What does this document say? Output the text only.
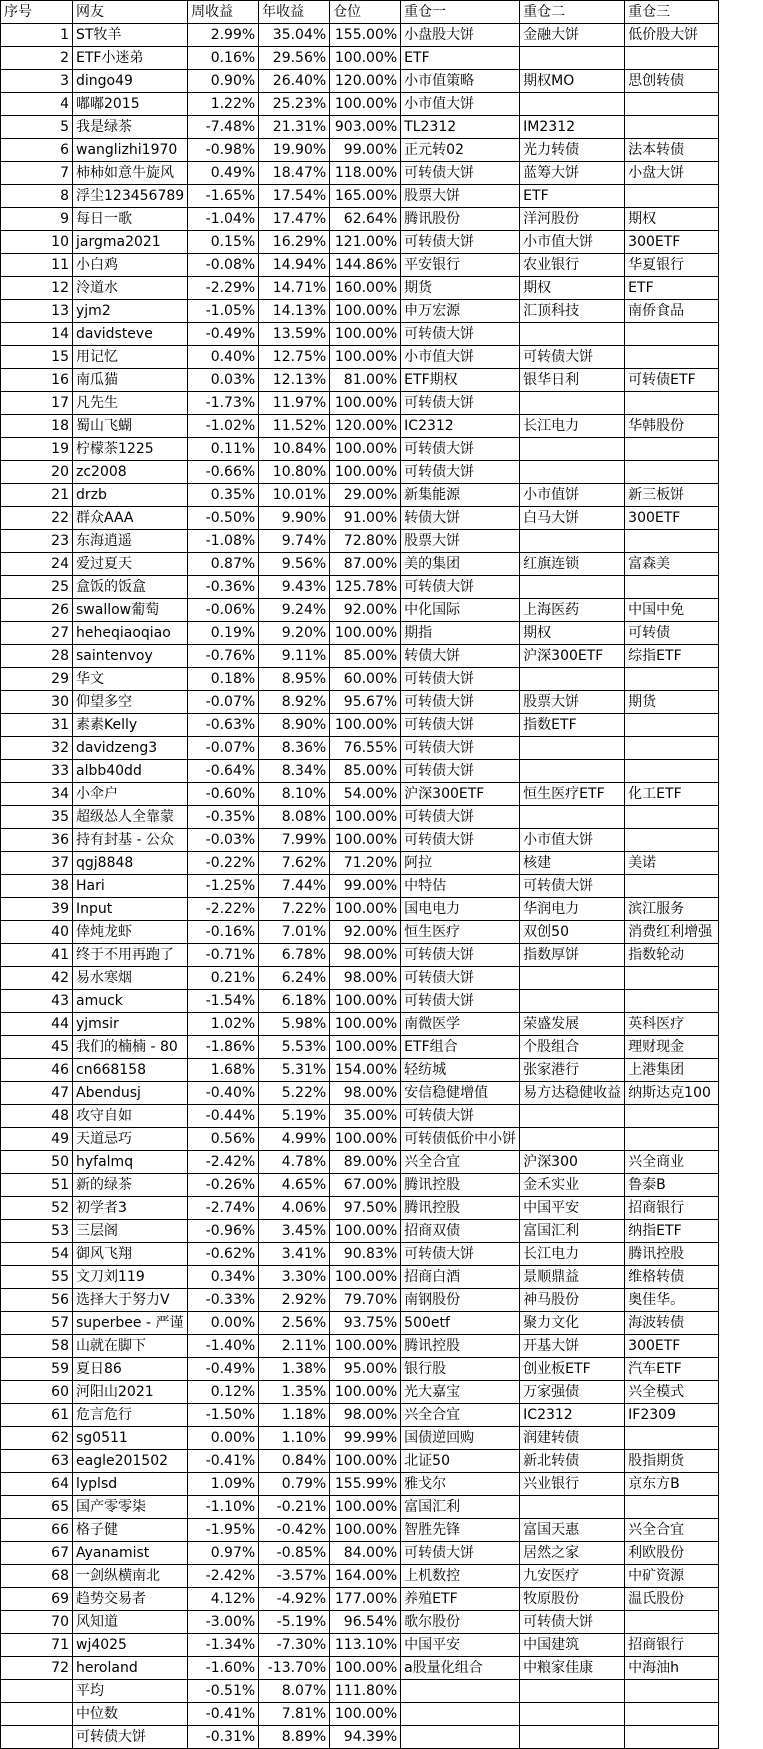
序号	网友	周收益	年收益	仓位	重仓一	重仓二	重仓三
1	ST牧羊	2.99%	35.04%	155.00%	小盘股大饼	金融大饼	低价股大饼
2	ETF小迷弟	0.16%	29.56%	100.00%	ETF		
3	dingo49	0.90%	26.40%	120.00%	小市值策略	期权MO	思创转债
4	嘟嘟2015	1.22%	25.23%	100.00%	小市值大饼		
5	我是绿茶	-7.48%	21.31%	903.00%	TL2312	IM2312	
6	wanglizhi1970	-0.98%	19.90%	99.00%	正元转02	光力转债	法本转债
7	柿柿如意牛旋风	0.49%	18.47%	118.00%	可转债大饼	蓝筹大饼	小盘大饼
8	浮尘123456789	-1.65%	17.54%	165.00%	股票大饼	ETF	
9	每日一歌	-1.04%	17.47%	62.64%	腾讯股份	洋河股份	期权
10	jargma2021	0.15%	16.29%	121.00%	可转债大饼	小市值大饼	300ETF
11	小白鸡	-0.08%	14.94%	144.86%	平安银行	农业银行	华夏银行
12	泠道水	-2.29%	14.71%	160.00%	期货	期权	ETF
13	yjm2	-1.05%	14.13%	100.00%	申万宏源	汇顶科技	南侨食品
14	davidsteve	-0.49%	13.59%	100.00%	可转债大饼		
15	用记忆	0.40%	12.75%	100.00%	小市值大饼	可转债大饼	
16	南瓜猫	0.03%	12.13%	81.00%	ETF期权	银华日利	可转债ETF
17	凡先生	-1.73%	11.97%	100.00%	可转债大饼		
18	蜀山飞蝴	-1.02%	11.52%	120.00%	IC2312	长江电力	华韩股份
19	柠檬茶1225	0.11%	10.84%	100.00%	可转债大饼		
20	zc2008	-0.66%	10.80%	100.00%	可转债大饼		
21	drzb	0.35%	10.01%	29.00%	新集能源	小市值饼	新三板饼
22	群众AAA	-0.50%	9.90%	91.00%	转债大饼	白马大饼	300ETF
23	东海逍遥	-1.08%	9.74%	72.80%	股票大饼		
24	爱过夏天	0.87%	9.56%	87.00%	美的集团	红旗连锁	富森美
25	盒饭的饭盒	-0.36%	9.43%	125.78%	可转债大饼		
26	swallow葡萄	-0.06%	9.24%	92.00%	中化国际	上海医药	中国中免
27	heheqiaoqiao	0.19%	9.20%	100.00%	期指	期权	可转债
28	saintenvoy	-0.76%	9.11%	85.00%	转债大饼	沪深300ETF	综指ETF
29	华文	0.18%	8.95%	60.00%	可转债大饼		
30	仰望多空	-0.07%	8.92%	95.67%	可转债大饼	股票大饼	期货
31	素素Kelly	-0.63%	8.90%	100.00%	可转债大饼	指数ETF	
32	davidzeng3	-0.07%	8.36%	76.55%	可转债大饼		
33	albb40dd	-0.64%	8.34%	85.00%	可转债大饼		
34	小伞户	-0.60%	8.10%	54.00%	沪深300ETF	恒生医疗ETF	化工ETF
35	超级怂人全靠蒙	-0.35%	8.08%	100.00%	可转债大饼		
36	持有封基 - 公众	-0.03%	7.99%	100.00%	可转债大饼	小市值大饼	
37	qgj8848	-0.22%	7.62%	71.20%	阿拉	核建	美诺
38	Hari	-1.25%	7.44%	99.00%	中特估	可转债大饼	
39	Input	-2.22%	7.22%	100.00%	国电电力	华润电力	滨江服务
40	倖炖龙虾	-0.16%	7.01%	92.00%	恒生医疗	双创50	消费红利增强
41	终于不用再跑了	-0.71%	6.78%	98.00%	可转债大饼	指数厚饼	指数轮动
42	易水寒烟	0.21%	6.24%	98.00%	可转债大饼		
43	amuck	-1.54%	6.18%	100.00%	可转债大饼		
44	yjmsir	1.02%	5.98%	100.00%	南微医学	荣盛发展	英科医疗
45	我们的楠楠 - 80	-1.86%	5.53%	100.00%	ETF组合	个股组合	理财现金
46	cn668158	1.68%	5.31%	154.00%	轻纺城	张家港行	上港集团
47	Abendusj	-0.40%	5.22%	98.00%	安信稳健增值	易方达稳健收益	纳斯达克100
48	攻守自如	-0.44%	5.19%	35.00%	可转债大饼		
49	天道忌巧	0.56%	4.99%	100.00%	可转债低价中小饼		
50	hyfalmq	-2.42%	4.78%	89.00%	兴全合宜	沪深300	兴全商业
51	新的绿茶	-0.26%	4.65%	67.00%	腾讯控股	金禾实业	鲁泰B
52	初学者3	-2.74%	4.06%	97.50%	腾讯控股	中国平安	招商银行
53	三层阁	-0.96%	3.45%	100.00%	招商双债	富国汇利	纳指ETF
54	御风飞翔	-0.62%	3.41%	90.83%	可转债大饼	长江电力	腾讯控股
55	文刀刘119	0.34%	3.30%	100.00%	招商白酒	景顺鼎益	维格转债
56	选择大于努力V	-0.33%	2.92%	79.70%	南钢股份	神马股份	奥佳华。
57	superbee - 严谨	0.00%	2.56%	93.75%	500etf	聚力文化	海波转债
58	山就在脚下	-1.40%	2.11%	100.00%	腾讯控股	开基大饼	300ETF
59	夏日86	-0.49%	1.38%	95.00%	银行股	创业板ETF	汽车ETF
60	河阳山2021	0.12%	1.35%	100.00%	光大嘉宝	万家强债	兴全模式
61	危言危行	-1.50%	1.18%	98.00%	兴全合宜	IC2312	IF2309
62	sg0511	0.00%	1.10%	99.99%	国债逆回购	润建转债	
63	eagle201502	-0.41%	0.84%	100.00%	北证50	新北转债	股指期货
64	lyplsd	1.09%	0.79%	155.99%	雅戈尔	兴业银行	京东方B
65	国产零零柒	-1.10%	-0.21%	100.00%	富国汇利		
66	格子健	-1.95%	-0.42%	100.00%	智胜先锋	富国天惠	兴全合宜
67	Ayanamist	0.97%	-0.85%	84.00%	可转债大饼	居然之家	利欧股份
68	一剑纵横南北	-2.42%	-3.57%	164.00%	上机数控	九安医疗	中矿资源
69	趋势交易者	4.12%	-4.92%	177.00%	养殖ETF	牧原股份	温氏股份
70	风知道	-3.00%	-5.19%	96.54%	歌尔股份	可转债大饼	
71	wj4025	-1.34%	-7.30%	113.10%	中国平安	中国建筑	招商银行
72	heroland	-1.60%	-13.70%	100.00%	a股量化组合	中粮家佳康	中海油h
	平均	-0.51%	8.07%	111.80%			
	中位数	-0.41%	7.81%	100.00%			
	可转债大饼	-0.31%	8.89%	94.39%			
